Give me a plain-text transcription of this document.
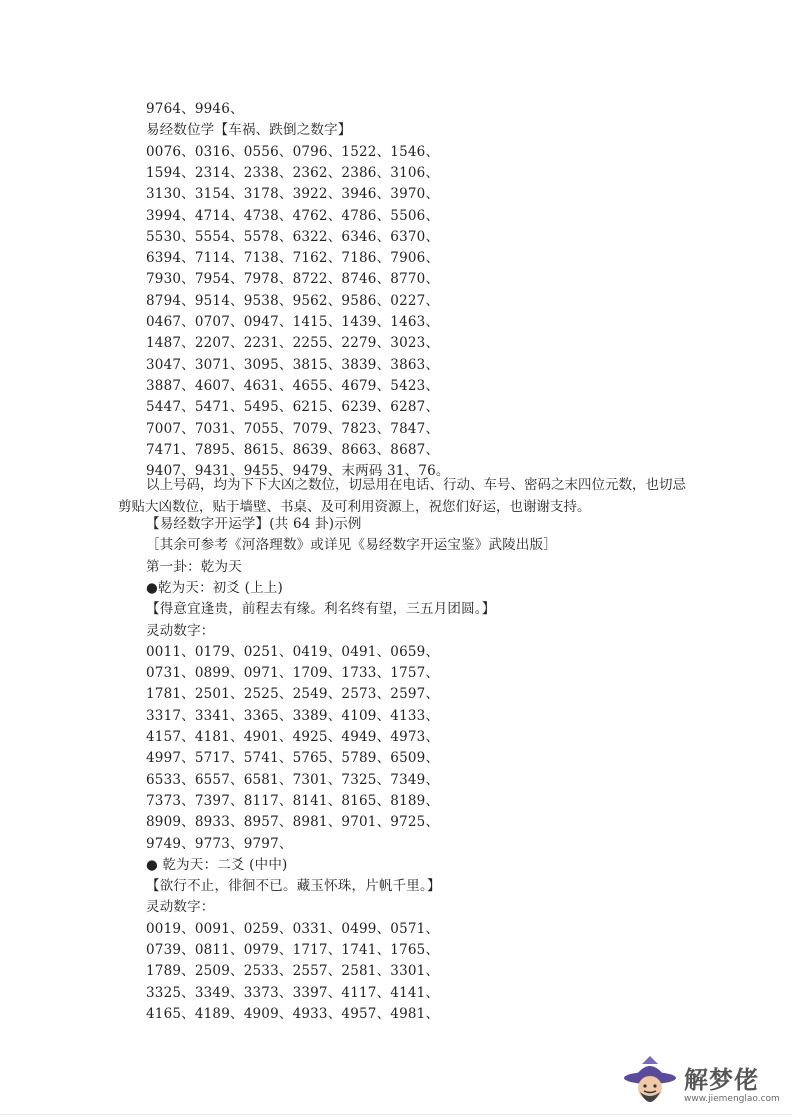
9764、9946、
易经数位学【车祸、跌倒之数字】
0076、0316、0556、0796、1522、1546、
1594、2314、2338、2362、2386、3106、
3130、3154、3178、3922、3946、3970、
3994、4714、4738、4762、4786、5506、
5530、5554、5578、6322、6346、6370、
6394、7114、7138、7162、7186、7906、
7930、7954、7978、8722、8746、8770、
8794、9514、9538、9562、9586、0227、
0467、0707、0947、1415、1439、1463、
1487、2207、2231、2255、2279、3023、
3047、3071、3095、3815、3839、3863、
3887、4607、4631、4655、4679、5423、
5447、5471、5495、6215、6239、6287、
7007、7031、7055、7079、7823、7847、
7471、7895、8615、8639、8663、8687、
9407、9431、9455、9479、末两码 31、76。
以上号码，均为下下大凶之数位，切忌用在电话、行动、车号、密码之末四位元数，也切忌剪贴大凶数位，贴于墙壁、书桌、及可利用资源上，祝您们好运，也谢谢支持。
【易经数字开运学】(共 64 卦)示例
［其余可参考《河洛理数》或详见《易经数字开运宝鉴》武陵出版］
第一卦：乾为天
●乾为天：初爻 (上上)
【得意宜逢贵，前程去有缘。利名终有望，三五月团圆。】
灵动数字：
0011、0179、0251、0419、0491、0659、
0731、0899、0971、1709、1733、1757、
1781、2501、2525、2549、2573、2597、
3317、3341、3365、3389、4109、4133、
4157、4181、4901、4925、4949、4973、
4997、5717、5741、5765、5789、6509、
6533、6557、6581、7301、7325、7349、
7373、7397、8117、8141、8165、8189、
8909、8933、8957、8981、9701、9725、
9749、9773、9797、
● 乾为天：二爻 (中中)
【欲行不止，徘徊不已。藏玉怀珠，片帆千里。】
灵动数字：
0019、0091、0259、0331、0499、0571、
0739、0811、0979、1717、1741、1765、
1789、2509、2533、2557、2581、3301、
3325、3349、3373、3397、4117、4141、
4165、4189、4909、4933、4957、4981、
解梦佬
www.jiemenglao.com
